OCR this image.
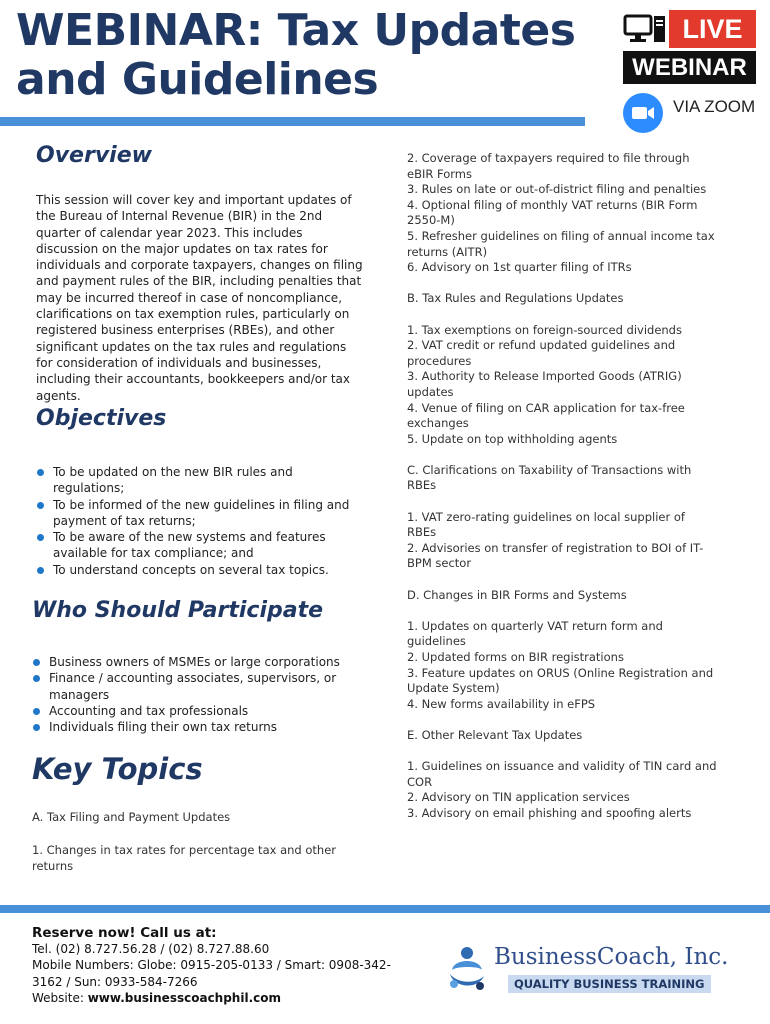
WEBINAR: Tax Updates
and Guidelines
LIVE
WEBINAR
VIA ZOOM
Overview

This session will cover key and important updates of the Bureau of Internal Revenue (BIR) in the 2nd quarter of calendar year 2023. This includes discussion on the major updates on tax rates for individuals and corporate taxpayers, changes on filing and payment rules of the BIR, including penalties that may be incurred thereof in case of noncompliance, clarifications on tax exemption rules, particularly on registered business enterprises (RBEs), and other significant updates on the tax rules and regulations for consideration of individuals and businesses, including their accountants, bookkeepers and/or tax agents.

Objectives
To be updated on the new BIR rules and regulations;
To be informed of the new guidelines in filing and payment of tax returns;
To be aware of the new systems and features available for tax compliance; and
To understand concepts on several tax topics.
Who Should Participate
Business owners of MSMEs or large corporations
Finance / accounting associates, supervisors, or managers
Accounting and tax professionals
Individuals filing their own tax returns
Key Topics
A. Tax Filing and Payment Updates
1. Changes in tax rates for percentage tax and other returns
2. Coverage of taxpayers required to file through eBIR Forms
3. Rules on late or out-of-district filing and penalties
4. Optional filing of monthly VAT returns (BIR Form 2550-M)
5. Refresher guidelines on filing of annual income tax returns (AITR)
6. Advisory on 1st quarter filing of ITRs
B. Tax Rules and Regulations Updates
1. Tax exemptions on foreign-sourced dividends
2. VAT credit or refund updated guidelines and procedures
3. Authority to Release Imported Goods (ATRIG) updates
4. Venue of filing on CAR application for tax-free exchanges
5. Update on top withholding agents
C. Clarifications on Taxability of Transactions with RBEs
1. VAT zero-rating guidelines on local supplier of RBEs
2. Advisories on transfer of registration to BOI of IT-BPM sector
D. Changes in BIR Forms and Systems
1. Updates on quarterly VAT return form and guidelines
2. Updated forms on BIR registrations
3. Feature updates on ORUS (Online Registration and Update System)
4. New forms availability in eFPS
E. Other Relevant Tax Updates
1. Guidelines on issuance and validity of TIN card and COR
2. Advisory on TIN application services
3. Advisory on email phishing and spoofing alerts
Reserve now! Call us at:
Tel. (02) 8.727.56.28 / (02) 8.727.88.60
Mobile Numbers: Globe: 0915-205-0133 / Smart: 0908-342-3162 / Sun: 0933-584-7266
Website: www.businesscoachphil.com
BusinessCoach, Inc.
QUALITY BUSINESS TRAINING
